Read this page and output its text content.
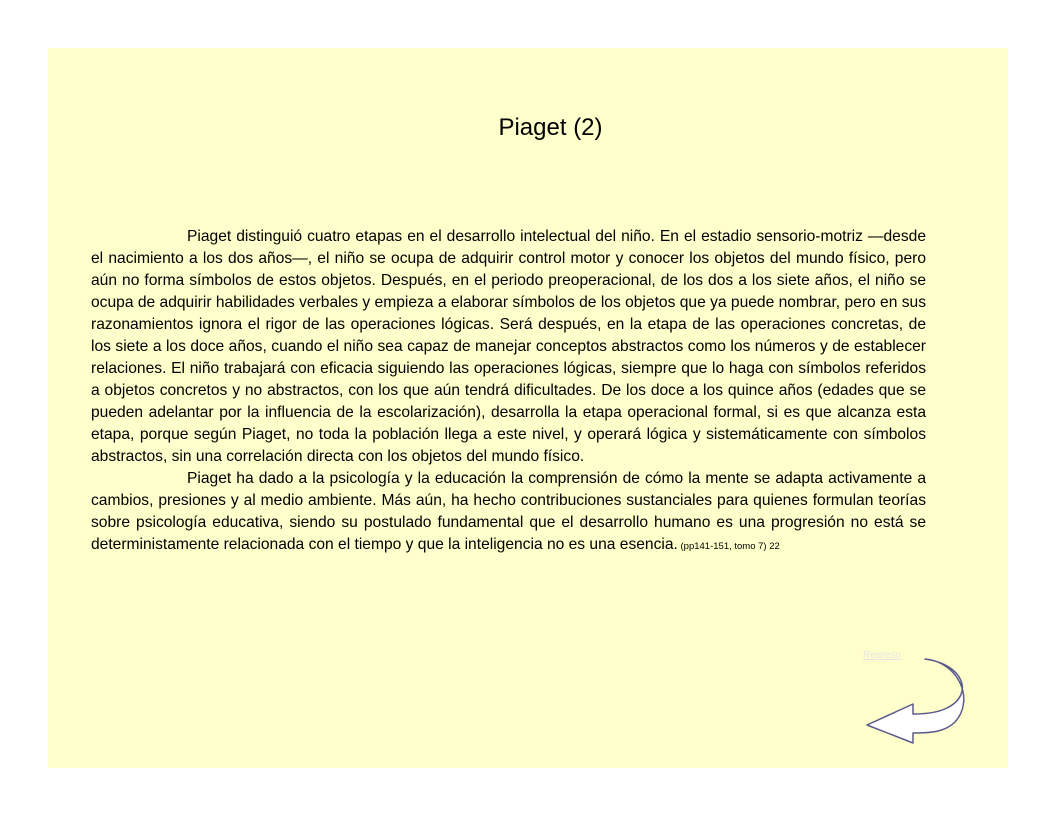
Piaget (2)

Piaget distinguió cuatro etapas en el desarrollo intelectual del niño. En el estadio sensorio-motriz —desde el nacimiento a los dos años—, el niño se ocupa de adquirir control motor y conocer los objetos del mundo físico, pero aún no forma símbolos de estos objetos. Después, en el periodo preoperacional, de los dos a los siete años, el niño se ocupa de adquirir habilidades verbales y empieza a elaborar símbolos de los objetos que ya puede nombrar, pero en sus razonamientos ignora el rigor de las operaciones lógicas. Será después, en la etapa de las operaciones concretas, de los siete a los doce años, cuando el niño sea capaz de manejar conceptos abstractos como los números y de establecer relaciones. El niño trabajará con eficacia siguiendo las operaciones lógicas, siempre que lo haga con símbolos referidos a objetos concretos y no abstractos, con los que aún tendrá dificultades. De los doce a los quince años (edades que se pueden adelantar por la influencia de la escolarización), desarrolla la etapa operacional formal, si es que alcanza esta etapa, porque según Piaget, no toda la población llega a este nivel, y operará lógica y sistemáticamente con símbolos abstractos, sin una correlación directa con los objetos del mundo físico.

Piaget ha dado a la psicología y la educación la comprensión de cómo la mente se adapta activamente a cambios, presiones y al medio ambiente. Más aún, ha hecho contribuciones sustanciales para quienes formulan teorías sobre psicología educativa, siendo su postulado fundamental que el desarrollo humano es una progresión no está se deterministamente relacionada con el tiempo y que la inteligencia no es una esencia. (pp141-151, tomo 7) 22

Regreso
